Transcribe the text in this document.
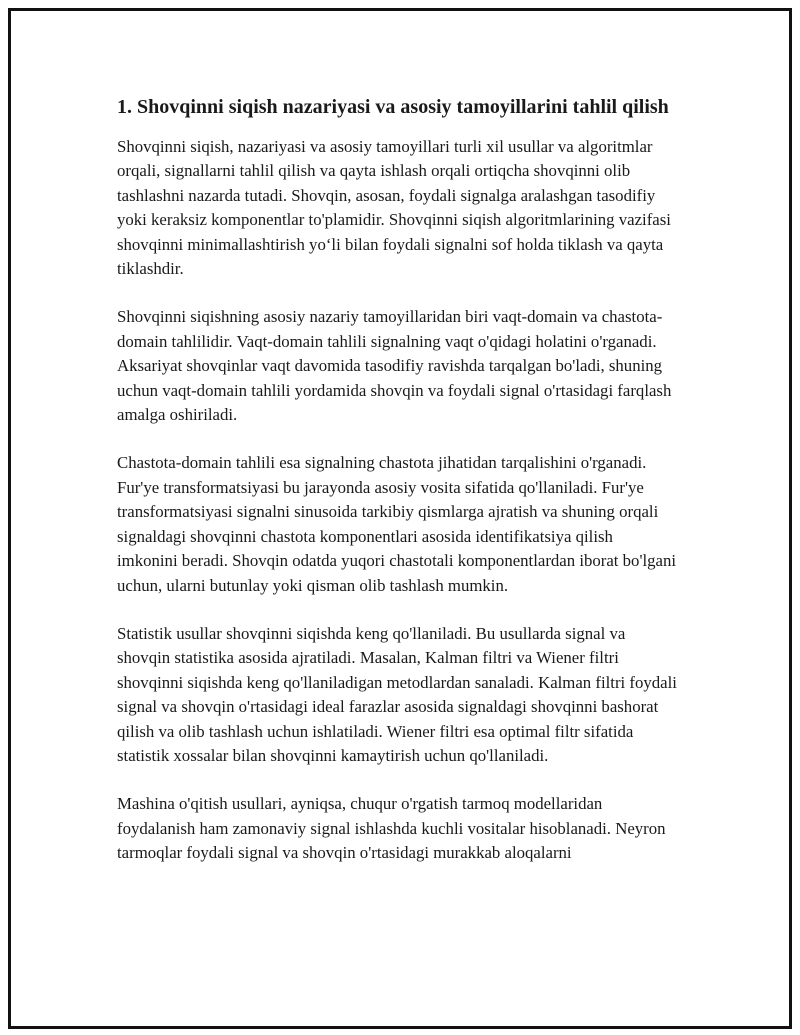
1. Shovqinni siqish nazariyasi va asosiy tamoyillarini tahlil qilish

Shovqinni siqish, nazariyasi va asosiy tamoyillari turli xil usullar va algoritmlar orqali, signallarni tahlil qilish va qayta ishlash orqali ortiqcha shovqinni olib tashlashni nazarda tutadi. Shovqin, asosan, foydali signalga aralashgan tasodifiy yoki keraksiz komponentlar to'plamidir. Shovqinni siqish algoritmlarining vazifasi shovqinni minimallashtirish yo‘li bilan foydali signalni sof holda tiklash va qayta tiklashdir.

Shovqinni siqishning asosiy nazariy tamoyillaridan biri vaqt-domain va chastota-domain tahlilidir. Vaqt-domain tahlili signalning vaqt o'qidagi holatini o'rganadi. Aksariyat shovqinlar vaqt davomida tasodifiy ravishda tarqalgan bo'ladi, shuning uchun vaqt-domain tahlili yordamida shovqin va foydali signal o'rtasidagi farqlash amalga oshiriladi.

Chastota-domain tahlili esa signalning chastota jihatidan tarqalishini o'rganadi. Fur'ye transformatsiyasi bu jarayonda asosiy vosita sifatida qo'llaniladi. Fur'ye transformatsiyasi signalni sinusoida tarkibiy qismlarga ajratish va shuning orqali signaldagi shovqinni chastota komponentlari asosida identifikatsiya qilish imkonini beradi. Shovqin odatda yuqori chastotali komponentlardan iborat bo'lgani uchun, ularni butunlay yoki qisman olib tashlash mumkin.

Statistik usullar shovqinni siqishda keng qo'llaniladi. Bu usullarda signal va shovqin statistika asosida ajratiladi. Masalan, Kalman filtri va Wiener filtri shovqinni siqishda keng qo'llaniladigan metodlardan sanaladi. Kalman filtri foydali signal va shovqin o'rtasidagi ideal farazlar asosida signaldagi shovqinni bashorat qilish va olib tashlash uchun ishlatiladi. Wiener filtri esa optimal filtr sifatida statistik xossalar bilan shovqinni kamaytirish uchun qo'llaniladi.

Mashina o'qitish usullari, ayniqsa, chuqur o'rgatish tarmoq modellaridan foydalanish ham zamonaviy signal ishlashda kuchli vositalar hisoblanadi. Neyron tarmoqlar foydali signal va shovqin o'rtasidagi murakkab aloqalarni
